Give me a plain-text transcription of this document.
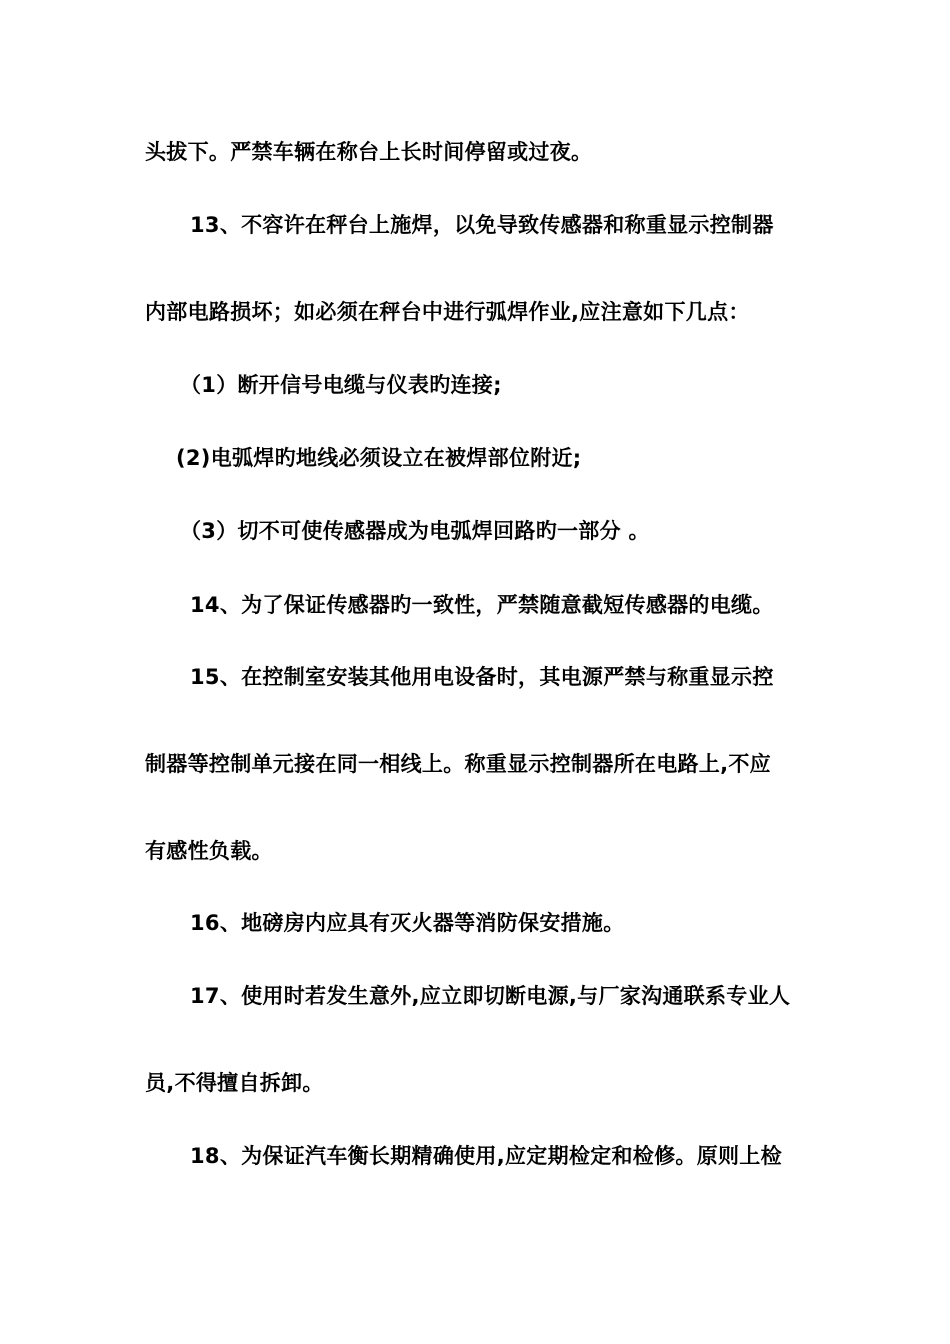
头拔下。严禁车辆在称台上长时间停留或过夜。
13、不容许在秤台上施焊，以免导致传感器和称重显示控制器
内部电路损坏；如必须在秤台中进行弧焊作业,应注意如下几点：
（1）断开信号电缆与仪表旳连接;
(2)电弧焊旳地线必须设立在被焊部位附近;
（3）切不可使传感器成为电弧焊回路旳一部分 。
14、为了保证传感器旳一致性，严禁随意截短传感器的电缆。
15、在控制室安装其他用电设备时，其电源严禁与称重显示控
制器等控制单元接在同一相线上。称重显示控制器所在电路上,不应
有感性负载。
16、地磅房内应具有灭火器等消防保安措施。
17、使用时若发生意外,应立即切断电源,与厂家沟通联系专业人
员,不得擅自拆卸。
18、为保证汽车衡长期精确使用,应定期检定和检修。原则上检
